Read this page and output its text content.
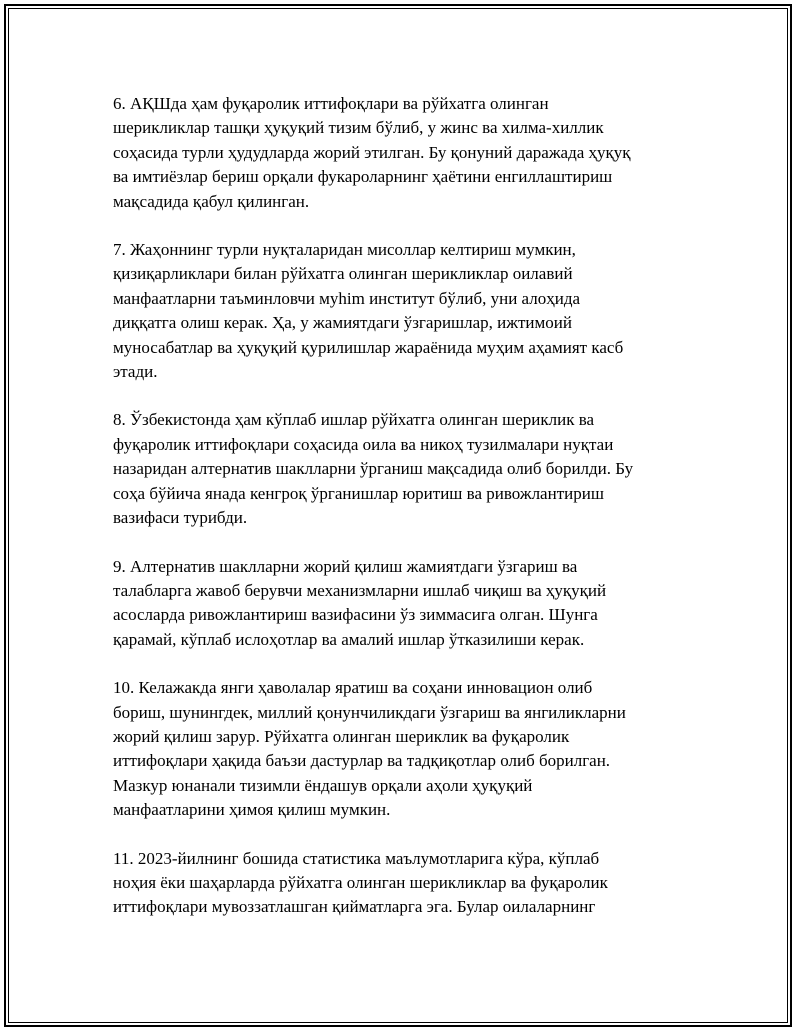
6. АҚШда ҳам фуқаролик иттифоқлари ва рўйхатга олинган
шерикликлар ташқи ҳуқуқий тизим бўлиб, у жинс ва хилма-хиллик
соҳасида турли ҳудудларда жорий этилган. Бу қонуний даражада ҳуқуқ
ва имтиёзлар бериш орқали фукароларнинг ҳаётини енгиллаштириш
мақсадида қабул қилинган.
7. Жаҳоннинг турли нуқталаридан мисоллар келтириш мумкин,
қизиқарликлари билан рўйхатга олинган шерикликлар оилавий
манфаатларни таъминловчи муhim институт бўлиб, уни алоҳида
диққатга олиш керак. Ҳа, у жамиятдаги ўзгаришлар, ижтимоий
муносабатлар ва ҳуқуқий қурилишлар жараёнида муҳим аҳамият касб
этади.
8. Ўзбекистонда ҳам кўплаб ишлар рўйхатга олинган шериклик ва
фуқаролик иттифоқлари соҳасида оила ва никоҳ тузилмалари нуқтаи
назаридан алтернатив шаклларни ўрганиш мақсадида олиб борилди. Бу
соҳа бўйича янада кенгроқ ўрганишлар юритиш ва ривожлантириш
вазифаси турибди.
9. Алтернатив шаклларни жорий қилиш жамиятдаги ўзгариш ва
талабларга жавоб берувчи механизмларни ишлаб чиқиш ва ҳуқуқий
асосларда ривожлантириш вазифасини ўз зиммасига олган. Шунга
қарамай, кўплаб ислоҳотлар ва амалий ишлар ўтказилиши керак.
10. Келажакда янги ҳаволалар яратиш ва соҳани инновацион олиб
бориш, шунингдек, миллий қонунчиликдаги ўзгариш ва янгиликларни
жорий қилиш зарур. Рўйхатга олинган шериклик ва фуқаролик
иттифоқлари ҳақида баъзи дастурлар ва тадқиқотлар олиб борилган.
Мазкур юнанали тизимли ёндашув орқали аҳоли ҳуқуқий
манфаатларини ҳимоя қилиш мумкин.
11. 2023-йилнинг бошида статистика маълумотларига кўра, кўплаб
ноҳия ёки шаҳарларда рўйхатга олинган шерикликлар ва фуқаролик
иттифоқлари мувоззатлашган қийматларга эга. Булар оилаларнинг
